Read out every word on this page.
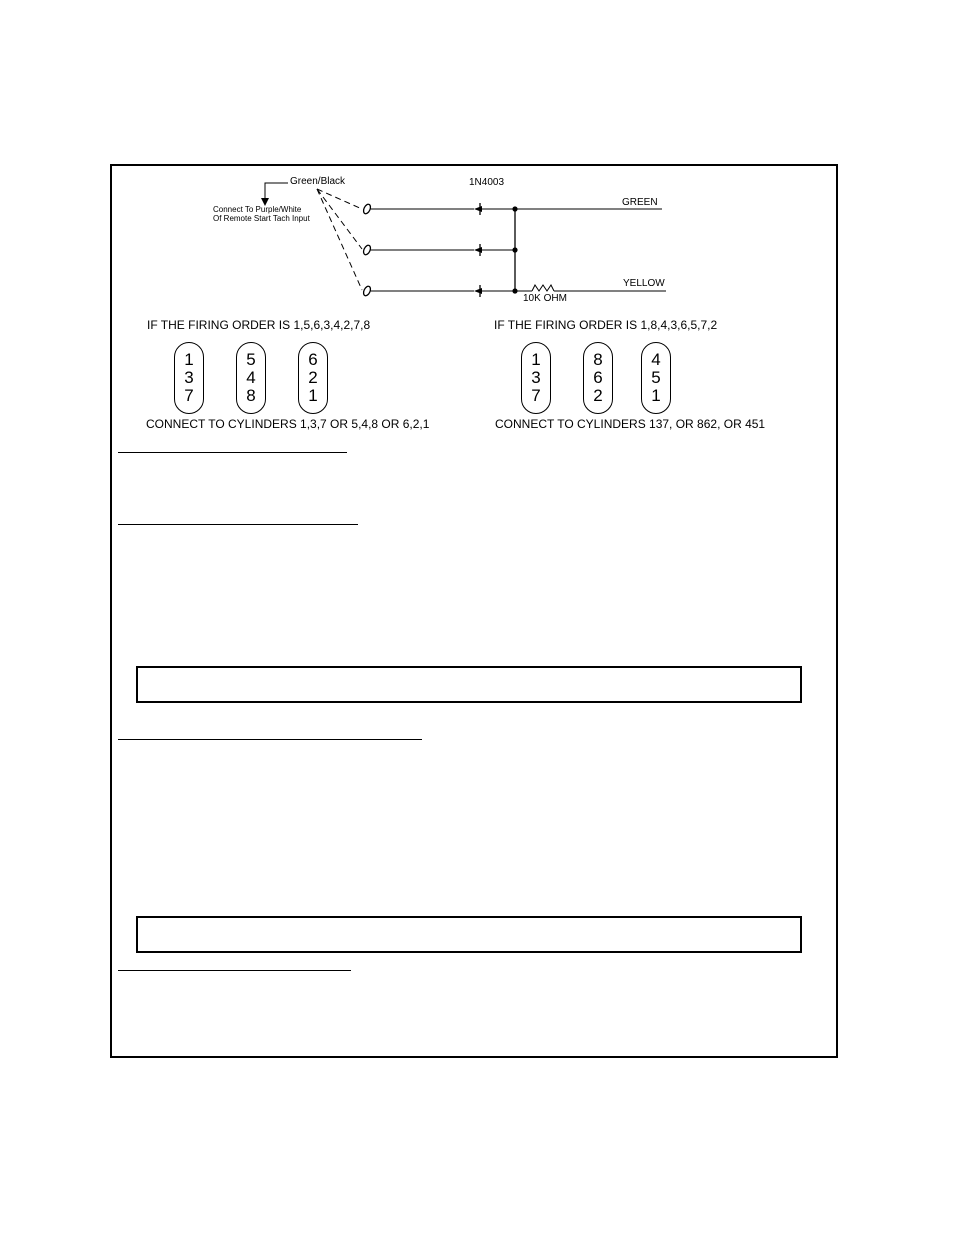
Green/Black
Connect To Purple/White
Of Remote Start Tach Input
1N4003
GREEN
YELLOW
10K OHM
IF THE FIRING ORDER IS 1,5,6,3,4,2,7,8
1
3
7
5
4
8
6
2
1
CONNECT TO CYLINDERS 1,3,7 OR 5,4,8 OR 6,2,1
IF THE FIRING ORDER IS 1,8,4,3,6,5,7,2
1
3
7
8
6
2
4
5
1
CONNECT TO CYLINDERS 137, OR 862, OR 451
